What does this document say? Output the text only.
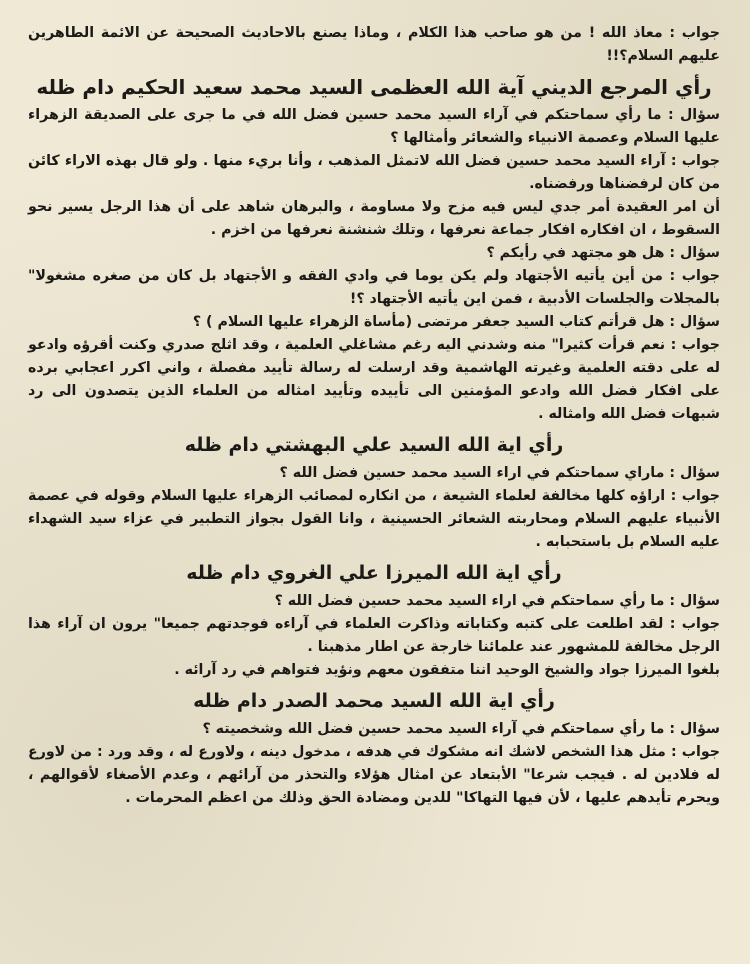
جواب : معاذ الله ! من هو صاحب هذا الكلام ، وماذا يصنع بالاحاديث الصحيحة عن الائمة الطاهرين عليهم السلام؟!!

رأي المرجع الديني آية الله العظمى السيد محمد سعيد الحكيم دام ظله

سؤال : ما رأي سماحتكم في آراء السيد محمد حسين فضل الله في ما جرى على الصديقة الزهراء عليها السلام وعصمة الانبياء والشعائر وأمثالها ؟

جواب : آراء السيد محمد حسين فضل الله لاتمثل المذهب ، وأنا بريء منها . ولو قال بهذه الاراء كائن من كان لرفضناها ورفضناه.

أن امر العقيدة أمر جدي ليس فيه مزح ولا مساومة ، والبرهان شاهد على أن هذا الرجل يسير نحو السقوط ، ان افكاره افكار جماعة نعرفها ، وتلك شنشنة نعرفها من اخزم .

سؤال : هل هو مجتهد في رأيكم ؟

جواب : من أين يأتيه الأجتهاد ولم يكن يوما في وادي الفقه و الأجتهاد بل كان من صغره مشغولا" بالمجلات والجلسات الأدبية ، فمن اين يأتيه الأجتهاد ؟!

سؤال : هل قرأتم كتاب السيد جعفر مرتضى (مأساة الزهراء عليها السلام ) ؟

جواب : نعم قرأت كثيرا" منه وشدني اليه رغم مشاغلي العلمية ، وقد اثلج صدري وكنت أقرؤه وادعو له على دقته العلمية وغيرته الهاشمية وقد ارسلت له رسالة تأييد مفصلة ، واني اكرر اعجابي برده على افكار فضل الله وادعو المؤمنين الى تأييده وتأييد امثاله من العلماء الذين يتصدون الى رد شبهات فضل الله وامثاله .

رأي اية الله السيد علي البهشتي دام ظله

سؤال : ماراي سماحتكم في اراء السيد محمد حسين فضل الله ؟

جواب : اراؤه كلها مخالفة لعلماء الشيعة ، من انكاره لمصائب الزهراء عليها السلام وقوله في عصمة الأنبياء عليهم السلام ومحاربته الشعائر الحسينية ، وانا القول بجواز التطبير في عزاء سيد الشهداء عليه السلام بل باستحبابه .

رأي اية الله الميرزا علي الغروي دام ظله

سؤال : ما رأي سماحتكم في اراء السيد محمد حسين فضل الله ؟

جواب : لقد اطلعت على كتبه وكتاباته وذاكرت العلماء في آراءه فوجدتهم جميعا" يرون ان آراء هذا الرجل مخالفة للمشهور عند علمائنا خارجة عن اطار مذهبنا .

بلغوا الميرزا جواد والشيخ الوحيد اننا متفقون معهم ونؤيد فتواهم في رد آرائه .

رأي اية الله السيد محمد الصدر دام ظله

سؤال : ما رأي سماحتكم في آراء السيد محمد حسين فضل الله وشخصيته ؟

جواب : مثل هذا الشخص لاشك انه مشكوك في هدفه ، مدخول دينه ، ولاورع له ، وقد ورد : من لاورع له فلادين له . فيجب شرعا" الأبتعاد عن امثال هؤلاء والتحذر من آرائهم ، وعدم الأصغاء لأقوالهم ، ويحرم تأيدهم عليها ، لأن فيها التهاكا" للدين ومضادة الحق وذلك من اعظم المحرمات .
